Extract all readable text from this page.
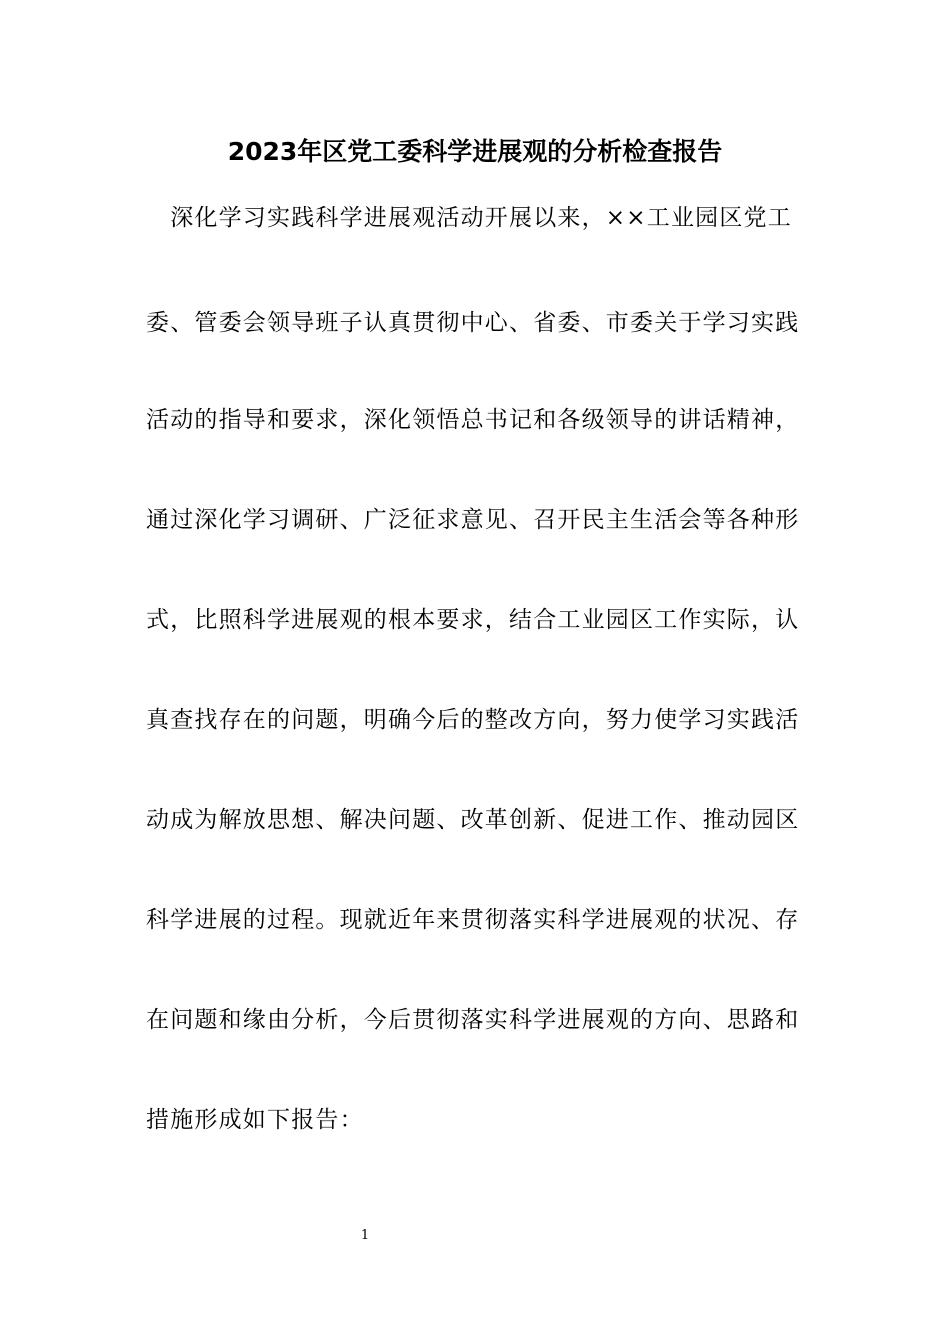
2023年区党工委科学进展观的分析检查报告
　深化学习实践科学进展观活动开展以来，××工业园区党工
委、管委会领导班子认真贯彻中心、省委、市委关于学习实践
活动的指导和要求，深化领悟总书记和各级领导的讲话精神，
通过深化学习调研、广泛征求意见、召开民主生活会等各种形
式，比照科学进展观的根本要求，结合工业园区工作实际，认
真查找存在的问题，明确今后的整改方向，努力使学习实践活
动成为解放思想、解决问题、改革创新、促进工作、推动园区
科学进展的过程。现就近年来贯彻落实科学进展观的状况、存
在问题和缘由分析，今后贯彻落实科学进展观的方向、思路和
措施形成如下报告：
1
